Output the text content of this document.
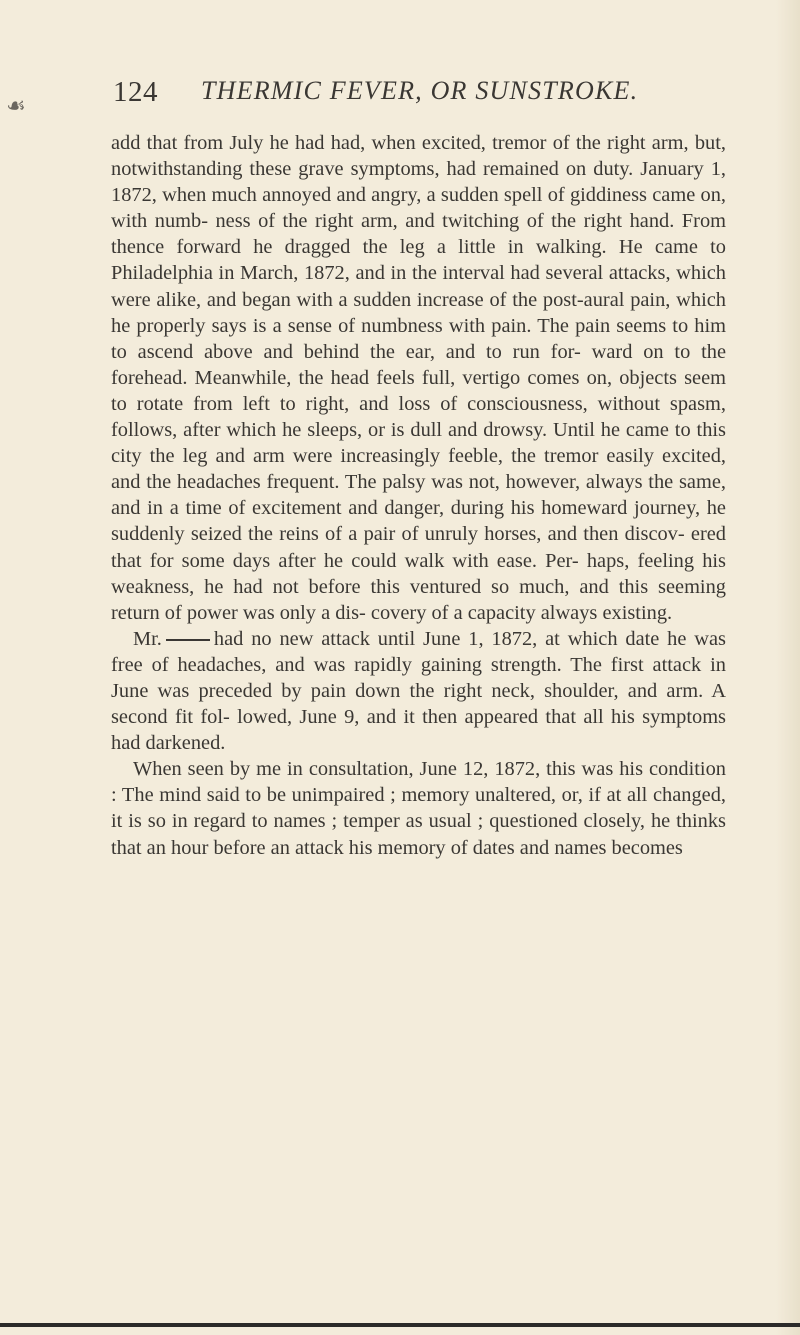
☙	124 THERMIC FEVER, OR SUNSTROKE.

add that from July he had had, when excited, tremor of the right arm, but, notwithstanding these grave symptoms, had remained on duty. January 1, 1872, when much annoyed and angry, a sudden spell of giddiness came on, with numb- ness of the right arm, and twitching of the right hand. From thence forward he dragged the leg a little in walking. He came to Philadelphia in March, 1872, and in the interval had several attacks, which were alike, and began with a sudden increase of the post-aural pain, which he properly says is a sense of numbness with pain. The pain seems to him to ascend above and behind the ear, and to run for- ward on to the forehead. Meanwhile, the head feels full, vertigo comes on, objects seem to rotate from left to right, and loss of consciousness, without spasm, follows, after which he sleeps, or is dull and drowsy. Until he came to this city the leg and arm were increasingly feeble, the tremor easily excited, and the headaches frequent. The palsy was not, however, always the same, and in a time of excitement and danger, during his homeward journey, he suddenly seized the reins of a pair of unruly horses, and then discov- ered that for some days after he could walk with ease. Per- haps, feeling his weakness, he had not before this ventured so much, and this seeming return of power was only a dis- covery of a capacity always existing.

Mr.	had no new attack until June 1, 1872, at which date he was free of headaches, and was rapidly gaining strength. The first attack in June was preceded by pain down the right neck, shoulder, and arm. A second fit fol- lowed, June 9, and it then appeared that all his symptoms had darkened.

When seen by me in consultation, June 12, 1872, this was his condition : The mind said to be unimpaired ; memory unaltered, or, if at all changed, it is so in regard to names ; temper as usual ; questioned closely, he thinks that an hour before an attack his memory of dates and names becomes
